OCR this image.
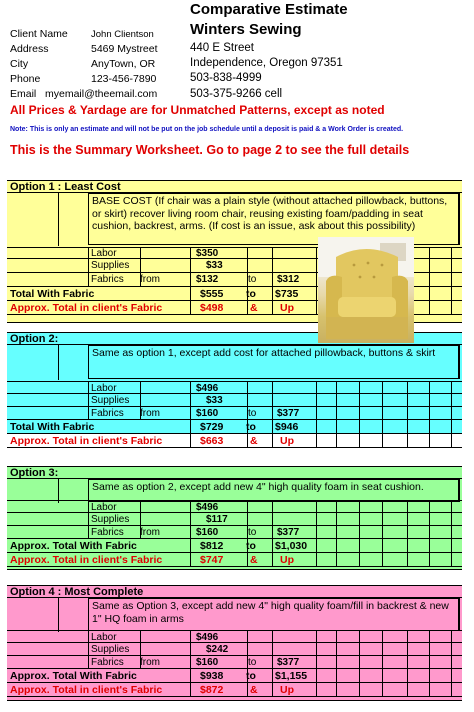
Comparative Estimate
Winters Sewing
Client Name John Clientson
Address	5469 Mystreet
City	AnyTown, OR
Phone	123-456-7890
Email myemail@theemail.com
440 E Street
Independence, Oregon 97351
503-838-4999
503-375-9266 cell
All Prices & Yardage are for Unmatched Patterns, except as noted
Note: This is only an estimate and will not be put on the job schedule until a deposit is paid & a Work Order is created.
This is the Summary Worksheet. Go to page 2 to see the full details
Option 1 : Least Cost
BASE COST (If chair was a plain style (without attached pillowback, buttons, or skirt) recover living room chair, reusing existing foam/padding in seat cushion, backrest, arms. (If cost is an issue, ask about this possibility)
Labor	$350
Supplies	$33
Fabrics from	$132	to $312
Total With Fabric	$555 to $735
Approx. Total in client's Fabric	$498	& Up
Option 2:
Same as option 1, except add cost for attached pillowback, buttons & skirt
Labor	$496
Supplies	$33
Fabrics from	$160	to $377
Total With Fabric	$729 to $946
Approx. Total in client's Fabric	$663	& Up
Option 3:
Same as option 2, except add new 4" high quality foam in seat cushion.
Labor	$496
Supplies	$117
Fabrics from	$160	to $377
Approx. Total With Fabric	$812 to $1,030
Approx. Total in client's Fabric	$747	& Up
Option 4 : Most Complete
Same as Option 3, except add new 4" high quality foam/fill in backrest & new 1" HQ foam in arms
Labor	$496
Supplies	$242
Fabrics from	$160	to $377
Approx. Total With Fabric	$938 to $1,155
Approx. Total in client's Fabric	$872	& Up
